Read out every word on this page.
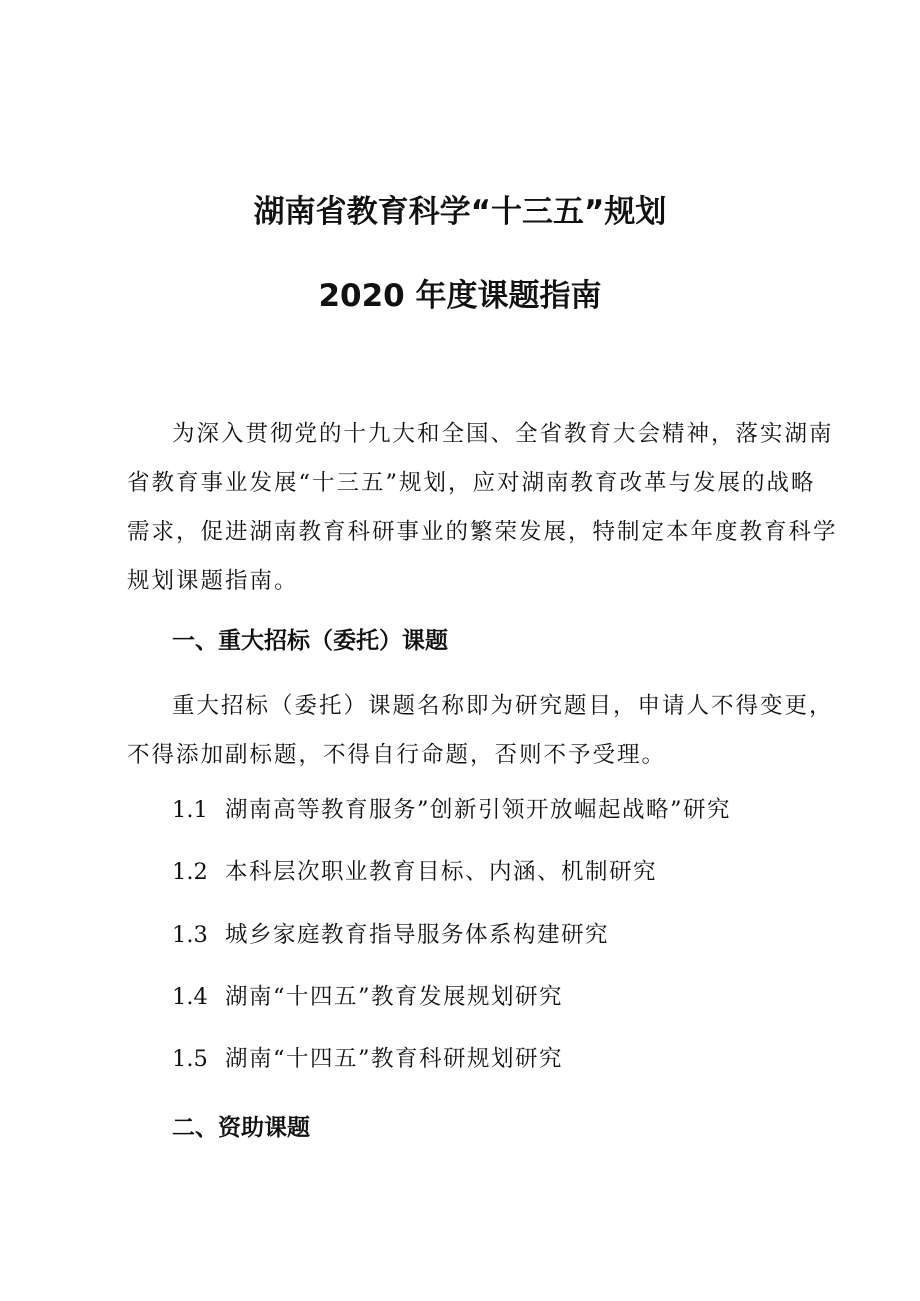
湖南省教育科学“十三五”规划
2020 年度课题指南
为深入贯彻党的十九大和全国、全省教育大会精神，落实湖南
省教育事业发展“十三五”规划，应对湖南教育改革与发展的战略
需求，促进湖南教育科研事业的繁荣发展，特制定本年度教育科学
规划课题指南。
一、重大招标（委托）课题
重大招标（委托）课题名称即为研究题目，申请人不得变更，
不得添加副标题，不得自行命题，否则不予受理。
1.1 湖南高等教育服务”创新引领开放崛起战略”研究
1.2 本科层次职业教育目标、内涵、机制研究
1.3 城乡家庭教育指导服务体系构建研究
1.4 湖南“十四五”教育发展规划研究
1.5 湖南“十四五”教育科研规划研究
二、资助课题
